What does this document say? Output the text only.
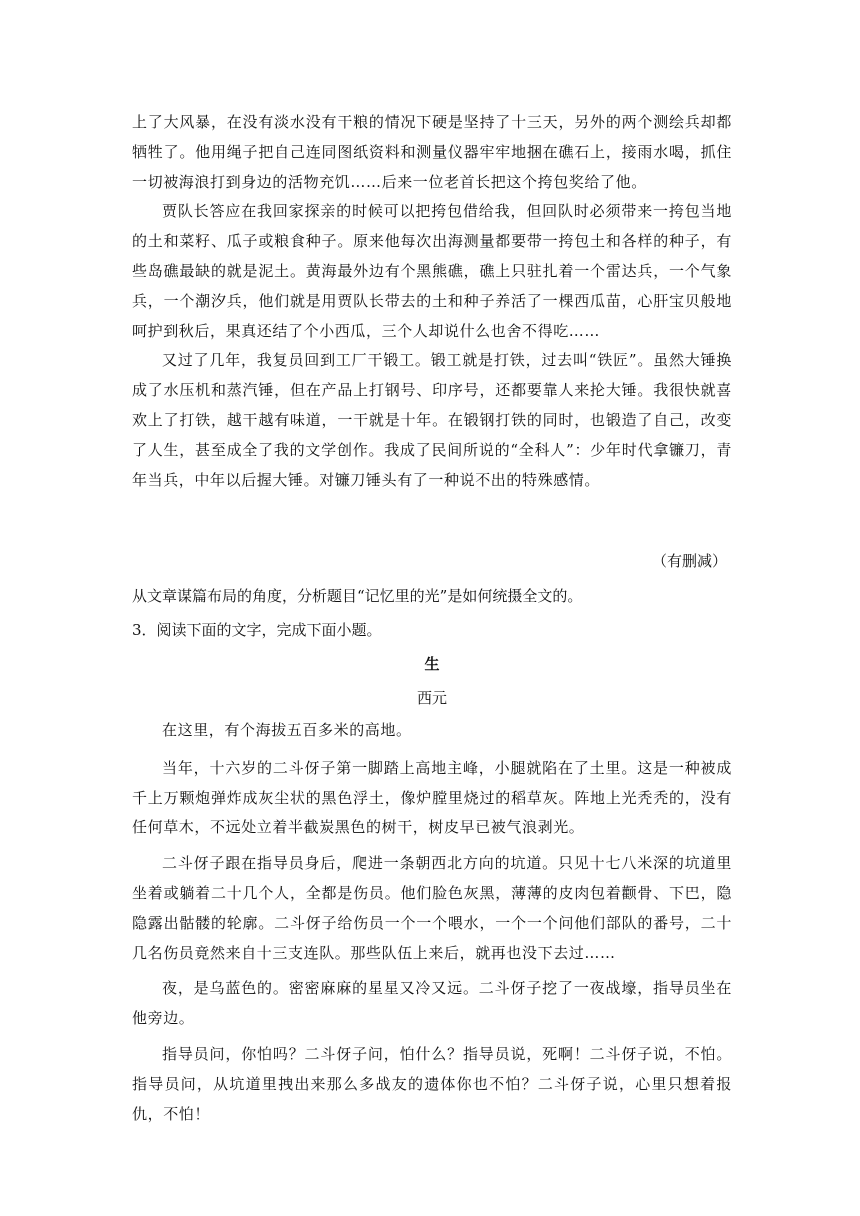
上了大风暴，在没有淡水没有干粮的情况下硬是坚持了十三天，另外的两个测绘兵却都牺牲了。他用绳子把自己连同图纸资料和测量仪器牢牢地捆在礁石上，接雨水喝，抓住一切被海浪打到身边的活物充饥……后来一位老首长把这个挎包奖给了他。

贾队长答应在我回家探亲的时候可以把挎包借给我，但回队时必须带来一挎包当地的土和菜籽、瓜子或粮食种子。原来他每次出海测量都要带一挎包土和各样的种子，有些岛礁最缺的就是泥土。黄海最外边有个黑熊礁，礁上只驻扎着一个雷达兵，一个气象兵，一个潮汐兵，他们就是用贾队长带去的土和种子养活了一棵西瓜苗，心肝宝贝般地呵护到秋后，果真还结了个小西瓜，三个人却说什么也舍不得吃……

又过了几年，我复员回到工厂干锻工。锻工就是打铁，过去叫“铁匠”。虽然大锤换成了水压机和蒸汽锤，但在产品上打钢号、印序号，还都要靠人来抡大锤。我很快就喜欢上了打铁，越干越有味道，一干就是十年。在锻钢打铁的同时，也锻造了自己，改变了人生，甚至成全了我的文学创作。我成了民间所说的“全科人”：少年时代拿镰刀，青年当兵，中年以后握大锤。对镰刀锤头有了一种说不出的特殊感情。

（有删减）
从文章谋篇布局的角度，分析题目“记忆里的光”是如何统摄全文的。
3．阅读下面的文字，完成下面小题。
生
西元

在这里，有个海拔五百多米的高地。

当年，十六岁的二斗伢子第一脚踏上高地主峰，小腿就陷在了土里。这是一种被成千上万颗炮弹炸成灰尘状的黑色浮土，像炉膛里烧过的稻草灰。阵地上光秃秃的，没有任何草木，不远处立着半截炭黑色的树干，树皮早已被气浪剥光。

二斗伢子跟在指导员身后，爬进一条朝西北方向的坑道。只见十七八米深的坑道里坐着或躺着二十几个人，全都是伤员。他们脸色灰黑，薄薄的皮肉包着颧骨、下巴，隐隐露出骷髅的轮廓。二斗伢子给伤员一个一个喂水，一个一个问他们部队的番号，二十几名伤员竟然来自十三支连队。那些队伍上来后，就再也没下去过……

夜，是乌蓝色的。密密麻麻的星星又冷又远。二斗伢子挖了一夜战壕，指导员坐在他旁边。

指导员问，你怕吗？二斗伢子问，怕什么？指导员说，死啊！二斗伢子说，不怕。指导员问，从坑道里拽出来那么多战友的遗体你也不怕？二斗伢子说，心里只想着报仇，不怕！
